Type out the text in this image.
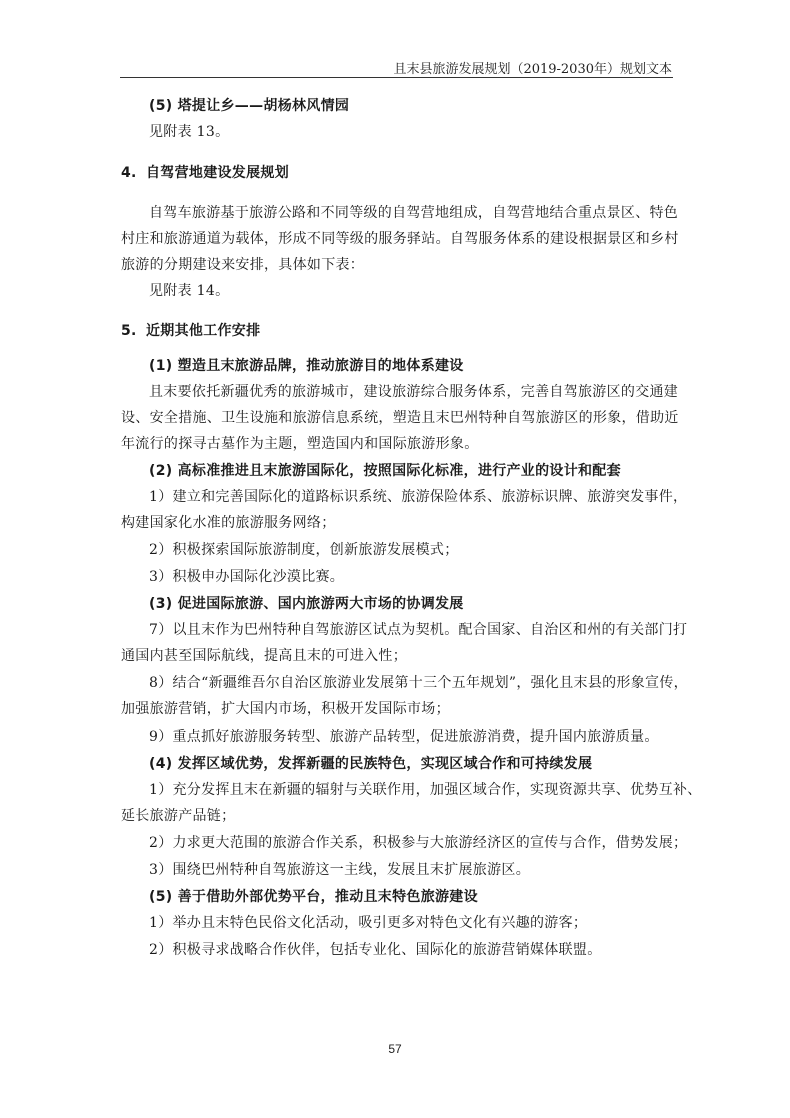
且末县旅游发展规划（2019-2030年）规划文本
(5) 塔提让乡——胡杨林风情园
见附表 13。
4. 自驾营地建设发展规划
自驾车旅游基于旅游公路和不同等级的自驾营地组成，自驾营地结合重点景区、特色
村庄和旅游通道为载体，形成不同等级的服务驿站。自驾服务体系的建设根据景区和乡村
旅游的分期建设来安排，具体如下表：
见附表 14。
5. 近期其他工作安排
(1) 塑造且末旅游品牌，推动旅游目的地体系建设
且末要依托新疆优秀的旅游城市，建设旅游综合服务体系，完善自驾旅游区的交通建
设、安全措施、卫生设施和旅游信息系统，塑造且末巴州特种自驾旅游区的形象，借助近
年流行的探寻古墓作为主题，塑造国内和国际旅游形象。
(2) 高标准推进且末旅游国际化，按照国际化标准，进行产业的设计和配套
1）建立和完善国际化的道路标识系统、旅游保险体系、旅游标识牌、旅游突发事件，
构建国家化水准的旅游服务网络；
2）积极探索国际旅游制度，创新旅游发展模式；
3）积极申办国际化沙漠比赛。
(3) 促进国际旅游、国内旅游两大市场的协调发展
7）以且末作为巴州特种自驾旅游区试点为契机。配合国家、自治区和州的有关部门打
通国内甚至国际航线，提高且末的可进入性；
8）结合“新疆维吾尔自治区旅游业发展第十三个五年规划”，强化且末县的形象宣传，
加强旅游营销，扩大国内市场，积极开发国际市场；
9）重点抓好旅游服务转型、旅游产品转型，促进旅游消费，提升国内旅游质量。
(4) 发挥区域优势，发挥新疆的民族特色，实现区域合作和可持续发展
1）充分发挥且末在新疆的辐射与关联作用，加强区域合作，实现资源共享、优势互补、
延长旅游产品链；
2）力求更大范围的旅游合作关系，积极参与大旅游经济区的宣传与合作，借势发展；
3）围绕巴州特种自驾旅游这一主线，发展且末扩展旅游区。
(5) 善于借助外部优势平台，推动且末特色旅游建设
1）举办且末特色民俗文化活动，吸引更多对特色文化有兴趣的游客；
2）积极寻求战略合作伙伴，包括专业化、国际化的旅游营销媒体联盟。
57
